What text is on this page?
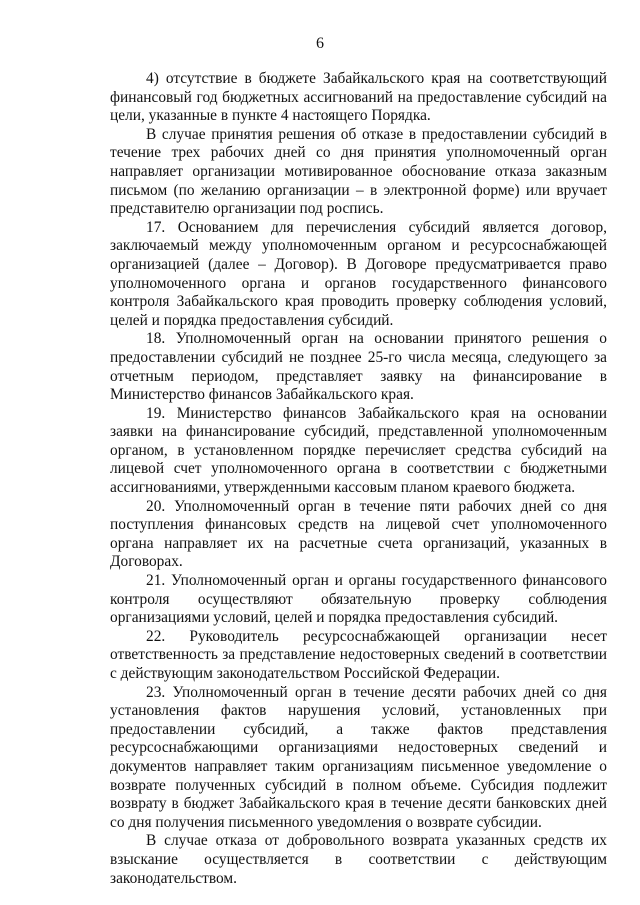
6

4) отсутствие в бюджете Забайкальского края на соответствующий финансовый год бюджетных ассигнований на предоставление субсидий на цели, указанные в пункте 4 настоящего Порядка.

В случае принятия решения об отказе в предоставлении субсидий в течение трех рабочих дней со дня принятия уполномоченный орган направляет организации мотивированное обоснование отказа заказным письмом (по желанию организации – в электронной форме) или вручает представителю организации под роспись.

17. Основанием для перечисления субсидий является договор, заключаемый между уполномоченным органом и ресурсоснабжающей организацией (далее – Договор). В Договоре предусматривается право уполномоченного органа и органов государственного финансового контроля Забайкальского края проводить проверку соблюдения условий, целей и порядка предоставления субсидий.

18. Уполномоченный орган на основании принятого решения о предоставлении субсидий не позднее 25-го числа месяца, следующего за отчетным периодом, представляет заявку на финансирование в Министерство финансов Забайкальского края.

19. Министерство финансов Забайкальского края на основании заявки на финансирование субсидий, представленной уполномоченным органом, в установленном порядке перечисляет средства субсидий на лицевой счет уполномоченного органа в соответствии с бюджетными ассигнованиями, утвержденными кассовым планом краевого бюджета.

20. Уполномоченный орган в течение пяти рабочих дней со дня поступления финансовых средств на лицевой счет уполномоченного органа направляет их на расчетные счета организаций, указанных в Договорах.

21. Уполномоченный орган и органы государственного финансового контроля осуществляют обязательную проверку соблюдения организациями условий, целей и порядка предоставления субсидий.

22. Руководитель ресурсоснабжающей организации несет ответственность за представление недостоверных сведений в соответствии с действующим законодательством Российской Федерации.

23. Уполномоченный орган в течение десяти рабочих дней со дня установления фактов нарушения условий, установленных при предоставлении субсидий, а также фактов представления ресурсоснабжающими организациями недостоверных сведений и документов направляет таким организациям письменное уведомление о возврате полученных субсидий в полном объеме. Субсидия подлежит возврату в бюджет Забайкальского края в течение десяти банковских дней со дня получения письменного уведомления о возврате субсидии.

В случае отказа от добровольного возврата указанных средств их взыскание осуществляется в соответствии с действующим законодательством.
